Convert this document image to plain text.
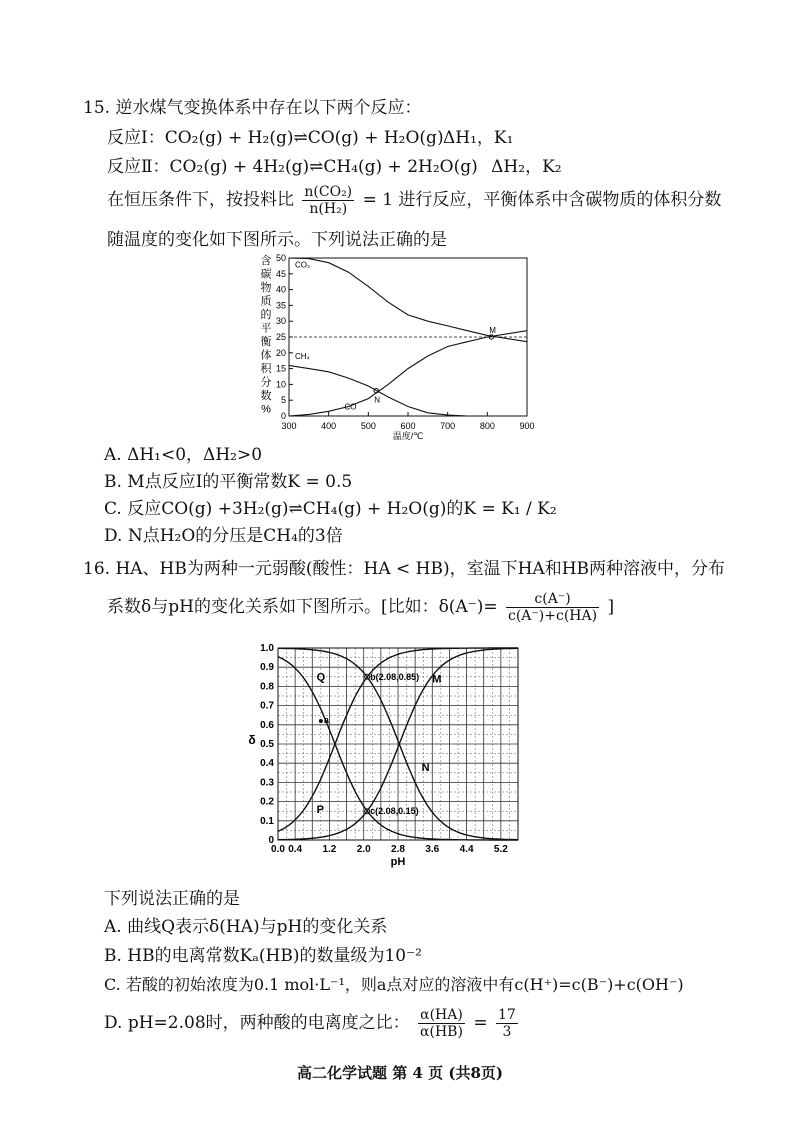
15. 逆水煤气变换体系中存在以下两个反应：
反应Ⅰ：CO₂(g) + H₂(g)⇌CO(g) + H₂O(g) ΔH₁，K₁
反应Ⅱ：CO₂(g) + 4H₂(g)⇌CH₄(g) + 2H₂O(g) ΔH₂，K₂
在恒压条件下，按投料比 $\frac{\text{n(CO₂)}}{\text{n(H₂)}} = 1$ 进行反应，平衡体系中含碳物质的体积分数
随温度的变化如下图所示。下列说法正确的是
含
碳
物
质
的
平
衡
体
积
分
数
%
300	400	500	600	700	800	900
0
5
10
15
20
25
30
35
40
45
50
温度/℃
M
N
CO₂
CH₄
CO
A. ΔH₁<0，ΔH₂>0
B. M点反应Ⅰ的平衡常数K = 0.5
C. 反应CO(g) +3H₂(g)⇌CH₄(g) + H₂O(g)的K = K₁ / K₂
D. N点H₂O的分压是CH₄的3倍
16. HA、HB为两种一元弱酸(酸性：HA < HB)，室温下HA和HB两种溶液中，分布
系数δ与pH的变化关系如下图所示。[比如：$\delta(A^-)= \frac{c(A^-)}{c(A^-)+c(HA)}$ ]
0.0 0.4 1.2 2.0 2.8 3.6 4.4 5.2
0
0.1
0.2
0.3
0.4
0.5
0.6
0.7
0.8
0.9
1.0
pH
δ
b(2.08,0.85)
c(2.08,0.15)
a
Q
P
M
N
下列说法正确的是
A. 曲线Q表示δ(HA)与pH的变化关系
B. HB的电离常数Kₐ(HB)的数量级为10⁻²
C. 若酸的初始浓度为0.1 mol·L⁻¹，则a点对应的溶液中有c(H⁺)=c(B⁻)+c(OH⁻)
D. pH=2.08时，两种酸的电离度之比： $\frac{\alpha(HA)}{\alpha(HB)} = \frac{17}{3}$
高二化学试题 第 4 页 (共8页)
